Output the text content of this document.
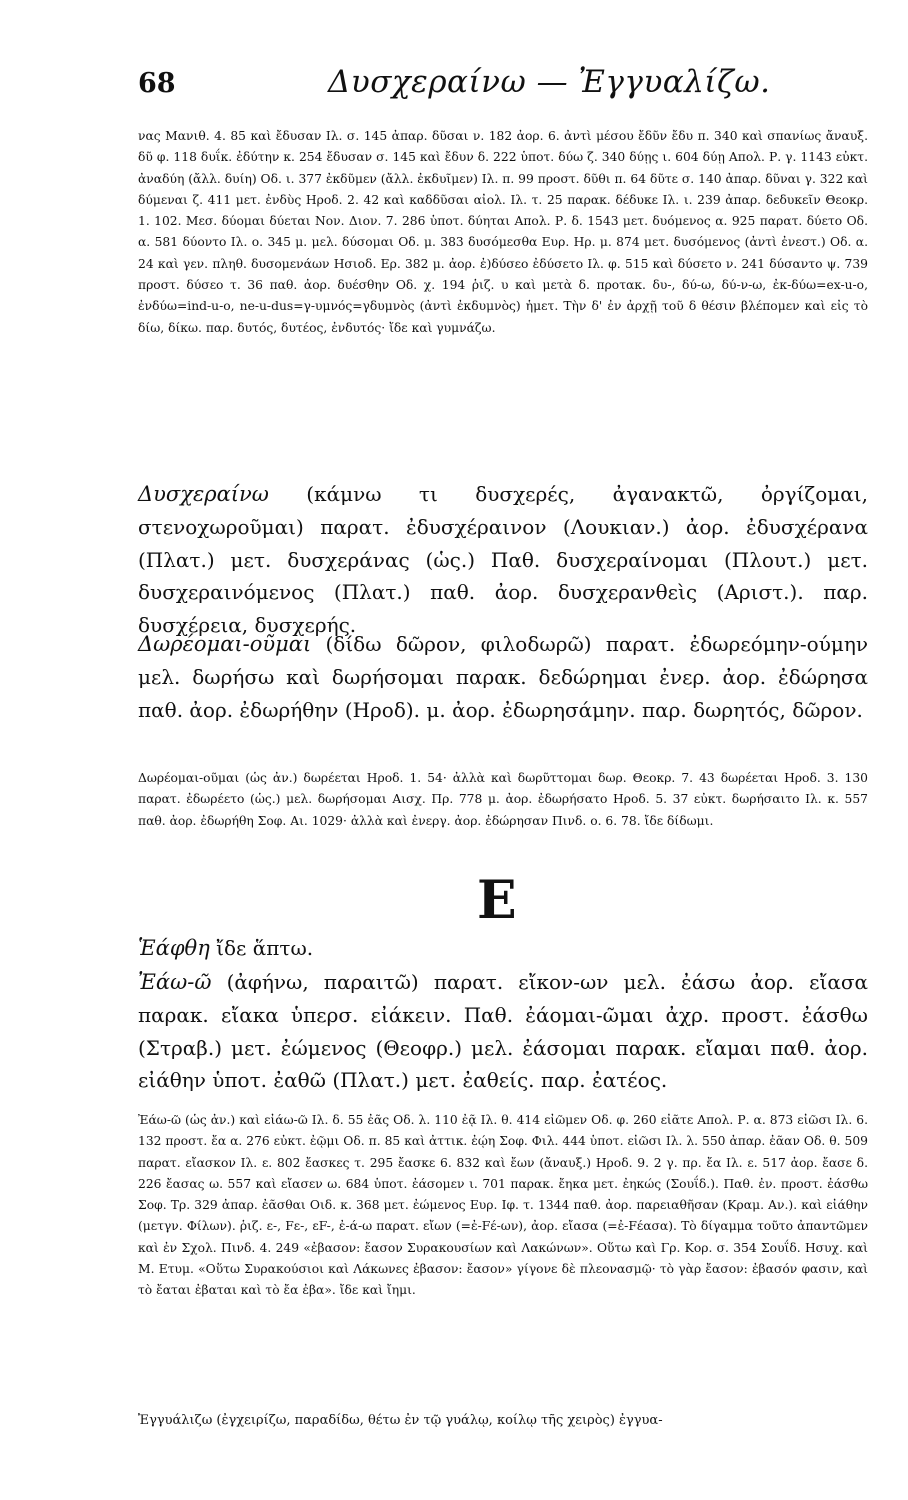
68	Δυσχεραίνω — Ἐγγυαλίζω.

νας Μανιθ. 4. 85 καὶ ἔδυσαν Ιλ. σ. 145 ἀπαρ. δῦσαι ν. 182 ἀορ. 6. ἀντὶ μέσου ἔδῦν ἔδυ π. 340 καὶ σπανίως ἄναυξ. δῦ φ. 118 δυΐκ. ἐδύτην κ. 254 ἔδυσαν σ. 145 καὶ ἔδυν δ. 222 ὑποτ. δύω ζ. 340 δύῃς ι. 604 δύῃ Απολ. Ρ. γ. 1143 εὐκτ. ἀναδύη (ἄλλ. δυίη) Οδ. ι. 377 ἐκδῦμεν (ἄλλ. ἐκδυῖμεν) Ιλ. π. 99 προστ. δῦθι π. 64 δῦτε σ. 140 ἀπαρ. δῦναι γ. 322 καὶ δύμεναι ζ. 411 μετ. ἐνδὺς Ηροδ. 2. 42 καὶ καδδῦσαι αἰολ. Ιλ. τ. 25 παρακ. δέδυκε Ιλ. ι. 239 ἀπαρ. δεδυκεῖν Θεοκρ. 1. 102. Μεσ. δύομαι δύεται Νον. Διον. 7. 286 ὑποτ. δύηται Απολ. Ρ. δ. 1543 μετ. δυόμενος α. 925 παρατ. δύετο Οδ. α. 581 δύοντο Ιλ. ο. 345 μ. μελ. δύσομαι Οδ. μ. 383 δυσόμεσθα Ευρ. Ηρ. μ. 874 μετ. δυσόμενος (ἀντὶ ἐνεστ.) Οδ. α. 24 καὶ γεν. πληθ. δυσομενάων Ησιοδ. Ερ. 382 μ. ἀορ. ἐ)δύσεο ἐδύσετο Ιλ. φ. 515 καὶ δύσετο ν. 241 δύσαντο ψ. 739 προστ. δύσεο τ. 36 παθ. ἀορ. δυέσθην Οδ. χ. 194 ῥιζ. υ καὶ μετὰ δ. προτακ. δυ-, δύ-ω, δύ-ν-ω, ἐκ-δύω=ex-u-o, ἐνδύω=ind-u-o, ne-u-dus=γ-υμνός=γδυμνὸς (ἀντὶ ἐκδυμνὸς) ἡμετ. Τὴν δ' ἐν ἀρχῇ τοῦ δ θέσιν βλέπομεν καὶ εἰς τὸ δίω, δίκω. παρ. δυτός, δυτέος, ἐνδυτός· ἴδε καὶ γυμνάζω.

Δυσχεραίνω (κάμνω τι δυσχερές, ἀγανακτῶ, ὀργίζομαι, στενοχωροῦμαι) παρατ. ἐδυσχέραινον (Λουκιαν.) ἀορ. ἐδυσχέρανα (Πλατ.) μετ. δυσχεράνας (ὡς.) Παθ. δυσχεραίνομαι (Πλουτ.) μετ. δυσχεραινόμενος (Πλατ.) παθ. ἀορ. δυσχερανθεὶς (Αριστ.). παρ. δυσχέρεια, δυσχερής.

Δωρέομαι-οῦμαι (δίδω δῶρον, φιλοδωρῶ) παρατ. ἐδωρεόμην-ούμην μελ. δωρήσω καὶ δωρήσομαι παρακ. δεδώρημαι ἐνερ. ἀορ. ἐδώρησα παθ. ἀορ. ἐδωρήθην (Ηροδ). μ. ἀορ. ἐδωρησάμην. παρ. δωρητός, δῶρον.

Δωρέομαι-οῦμαι (ὡς ἀν.) δωρέεται Ηροδ. 1. 54· ἀλλὰ καὶ δωρῦττομαι δωρ. Θεοκρ. 7. 43 δωρέεται Ηροδ. 3. 130 παρατ. ἐδωρέετο (ὡς.) μελ. δωρήσομαι Αισχ. Πρ. 778 μ. ἀορ. ἐδωρήσατο Ηροδ. 5. 37 εὐκτ. δωρήσαιτο Ιλ. κ. 557 παθ. ἀορ. ἐδωρήθη Σοφ. Αι. 1029· ἀλλὰ καὶ ἐνεργ. ἀορ. ἐδώρησαν Πινδ. ο. 6. 78. ἴδε δίδωμι.

Ε

Ἑάφθη ἴδε ἅπτω.

Ἐάω-ῶ (ἀφήνω, παραιτῶ) παρατ. εἴκον-ων μελ. ἐάσω ἀορ. εἴασα παρακ. εἴακα ὑπερσ. εἰάκειν. Παθ. ἐάομαι-ῶμαι ἀχρ. προστ. ἐάσθω (Στραβ.) μετ. ἐώμενος (Θεοφρ.) μελ. ἐάσομαι παρακ. εἴαμαι παθ. ἀορ. εἰάθην ὑποτ. ἐαθῶ (Πλατ.) μετ. ἐαθείς. παρ. ἐατέος.

Ἐάω-ῶ (ὡς ἀν.) καὶ εἰάω-ῶ Ιλ. δ. 55 ἐᾶς Οδ. λ. 110 ἐᾷ Ιλ. θ. 414 εἰῶμεν Οδ. φ. 260 εἰᾶτε Απολ. Ρ. α. 873 εἰῶσι Ιλ. 6. 132 προστ. ἔα α. 276 εὐκτ. ἐῷμι Οδ. π. 85 καὶ ἀττικ. ἐῴη Σοφ. Φιλ. 444 ὑποτ. εἰῶσι Ιλ. λ. 550 ἀπαρ. ἐᾶαν Οδ. θ. 509 παρατ. εἴασκον Ιλ. ε. 802 ἔασκες τ. 295 ἔασκε 6. 832 καὶ ἔων (ἄναυξ.) Ηροδ. 9. 2 γ. πρ. ἔα Ιλ. ε. 517 ἀορ. ἔασε δ. 226 ἔασας ω. 557 καὶ εἴασεν ω. 684 ὑποτ. ἐάσομεν ι. 701 παρακ. ἔηκα μετ. ἐηκώς (Σουΐδ.). Παθ. ἐν. προστ. ἐάσθω Σοφ. Τρ. 329 ἀπαρ. ἐᾶσθαι Οιδ. κ. 368 μετ. ἐώμενος Ευρ. Ιφ. τ. 1344 παθ. ἀορ. παρειαθῆσαν (Κραμ. Αν.). καὶ εἰάθην (μετγν. Φίλων). ῥιζ. ε-, Fε-, εF-, ἐ-ά-ω παρατ. εἴων (=ἐ-Fέ-ων), ἀορ. εἴασα (=ἐ-Fέασα). Τὸ δίγαμμα τοῦτο ἀπαντῶμεν καὶ ἐν Σχολ. Πινδ. 4. 249 «ἐβασον: ἔασον Συρακουσίων καὶ Λακώνων». Οὕτω καὶ Γρ. Κορ. σ. 354 Σουΐδ. Ησυχ. καὶ Μ. Ετυμ. «Οὕτω Συρακούσιοι καὶ Λάκωνες ἐβασον: ἔασον» γίγονε δὲ πλεονασμῷ· τὸ γὰρ ἔασον: ἐβασόν φασιν, καὶ τὸ ἔαται ἐβαται καὶ τὸ ἔα ἐβα». ἴδε καὶ ἴημι.

Ἐγγυάλιζω (ἐγχειρίζω, παραδίδω, θέτω ἐν τῷ γυάλῳ, κοίλῳ τῆς χειρὸς) ἐγγυα-
